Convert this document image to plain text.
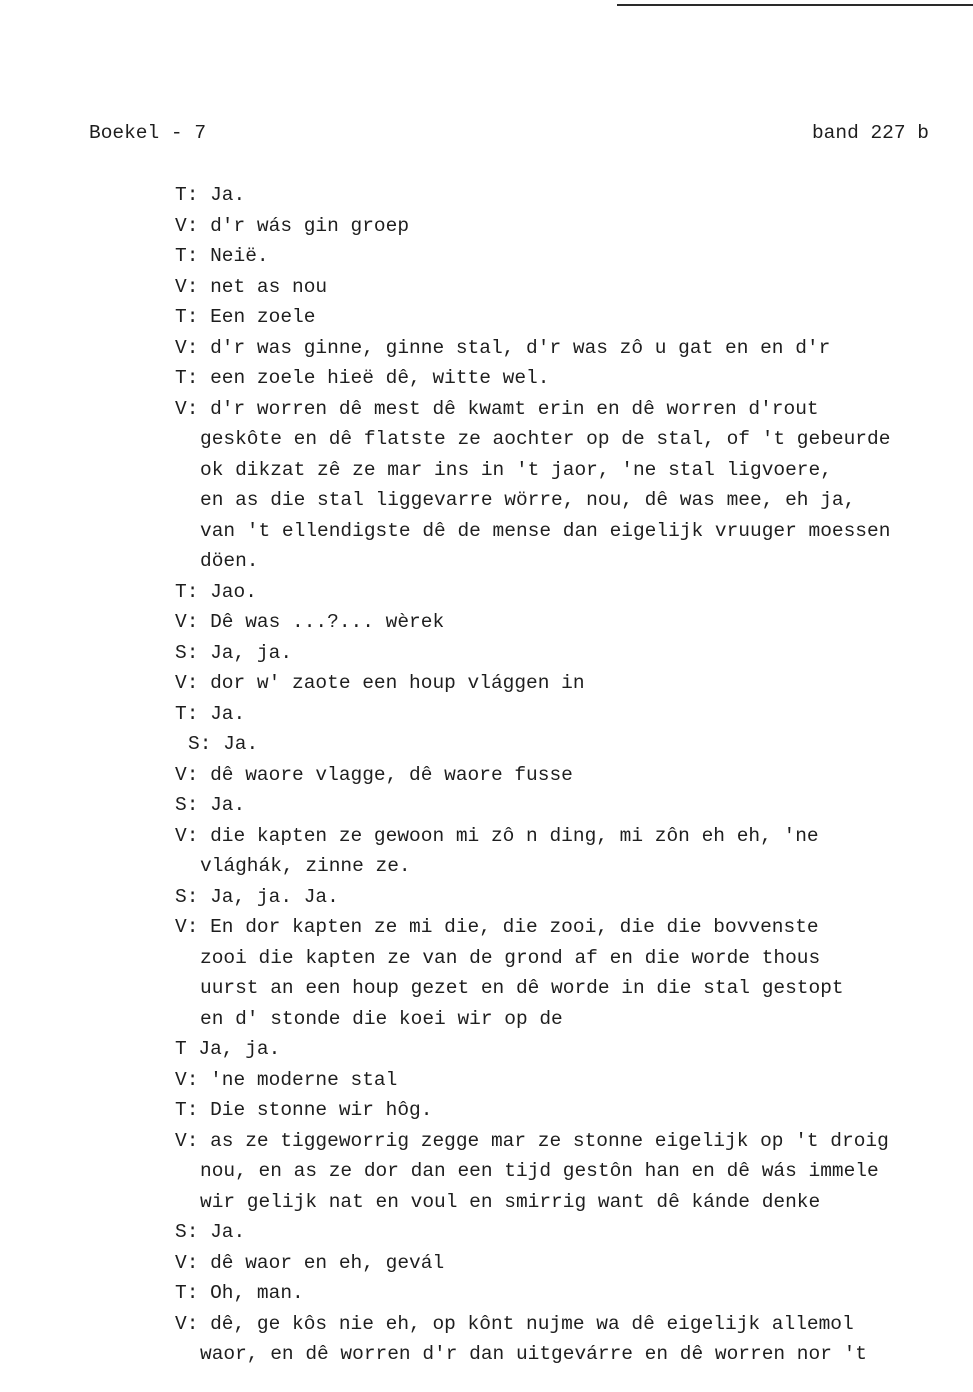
Boekel - 7	band 227 b
T: Ja.
V: d'r wás gin groep
T: Neië.
V: net as nou
T: Een zoele
V: d'r was ginne, ginne stal, d'r was zô u gat en en d'r
T: een zoele hieë dê, witte wel.
V: d'r worren dê mest dê kwamt erin en dê worren d'rout
geskôte en dê flatste ze aochter op de stal, of 't gebeurde
ok dikzat zê ze mar ins in 't jaor, 'ne stal ligvoere,
en as die stal liggevarre wörre, nou, dê was mee, eh ja,
van 't ellendigste dê de mense dan eigelijk vruuger moessen
döen.
T: Jao.
V: Dê was ...?... wèrek
S: Ja, ja.
V: dor w' zaote een houp vlággen in
T: Ja.
S: Ja.
V: dê waore vlagge, dê waore fusse
S: Ja.
V: die kapten ze gewoon mi zô n ding, mi zôn eh eh, 'ne
vlághák, zinne ze.
S: Ja, ja. Ja.
V: En dor kapten ze mi die, die zooi, die die bovvenste
zooi die kapten ze van de grond af en die worde thous
uurst an een houp gezet en dê worde in die stal gestopt
en d' stonde die koei wir op de
T Ja, ja.
V: 'ne moderne stal
T: Die stonne wir hôg.
V: as ze tiggeworrig zegge mar ze stonne eigelijk op 't droig
nou, en as ze dor dan een tijd gestôn han en dê wás immele
wir gelijk nat en voul en smirrig want dê kánde denke
S: Ja.
V: dê waor en eh, gevál
T: Oh, man.
V: dê, ge kôs nie eh, op kônt nujme wa dê eigelijk allemol
waor, en dê worren d'r dan uitgevárre en dê worren nor 't
